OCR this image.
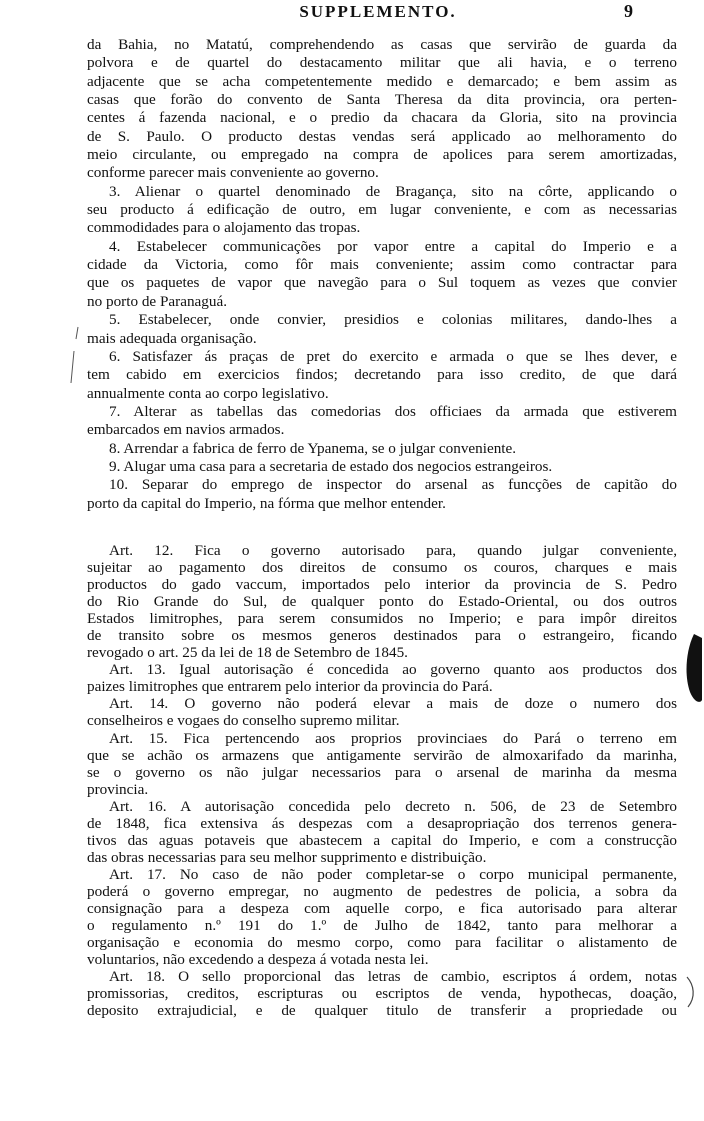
SUPPLEMENTO.	9
da Bahia, no Matatú, comprehendendo as casas que servirão de guarda da
polvora e de quartel do destacamento militar que ali havia, e o terreno
adjacente que se acha competentemente medido e demarcado; e bem assim as
casas que forão do convento de Santa Theresa da dita provincia, ora perten-
centes á fazenda nacional, e o predio da chacara da Gloria, sito na provincia
de S. Paulo. O producto destas vendas será applicado ao melhoramento do
meio circulante, ou empregado na compra de apolices para serem amortizadas,
conforme parecer mais conveniente ao governo.
3. Alienar o quartel denominado de Bragança, sito na côrte, applicando o
seu producto á edificação de outro, em lugar conveniente, e com as necessarias
commodidades para o alojamento das tropas.
4. Estabelecer communicações por vapor entre a capital do Imperio e a
cidade da Victoria, como fôr mais conveniente; assim como contractar para
que os paquetes de vapor que navegão para o Sul toquem as vezes que convier
no porto de Paranaguá.
5. Estabelecer, onde convier, presidios e colonias militares, dando-lhes a
mais adequada organisação.
6. Satisfazer ás praças de pret do exercito e armada o que se lhes dever, e
tem cabido em exercicios findos; decretando para isso credito, de que dará
annualmente conta ao corpo legislativo.
7. Alterar as tabellas das comedorias dos officiaes da armada que estiverem
embarcados em navios armados.
8. Arrendar a fabrica de ferro de Ypanema, se o julgar conveniente.
9. Alugar uma casa para a secretaria de estado dos negocios estrangeiros.
10. Separar do emprego de inspector do arsenal as funcções de capitão do
porto da capital do Imperio, na fórma que melhor entender.
Art. 12. Fica o governo autorisado para, quando julgar conveniente,
sujeitar ao pagamento dos direitos de consumo os couros, charques e mais
productos do gado vaccum, importados pelo interior da provincia de S. Pedro
do Rio Grande do Sul, de qualquer ponto do Estado-Oriental, ou dos outros
Estados limitrophes, para serem consumidos no Imperio; e para impôr direitos
de transito sobre os mesmos generos destinados para o estrangeiro, ficando
revogado o art. 25 da lei de 18 de Setembro de 1845.
Art. 13. Igual autorisação é concedida ao governo quanto aos productos dos
paizes limitrophes que entrarem pelo interior da provincia do Pará.
Art. 14. O governo não poderá elevar a mais de doze o numero dos
conselheiros e vogaes do conselho supremo militar.
Art. 15. Fica pertencendo aos proprios provinciaes do Pará o terreno em
que se achão os armazens que antigamente servirão de almoxarifado da marinha,
se o governo os não julgar necessarios para o arsenal de marinha da mesma
provincia.
Art. 16. A autorisação concedida pelo decreto n. 506, de 23 de Setembro
de 1848, fica extensiva ás despezas com a desapropriação dos terrenos genera-
tivos das aguas potaveis que abastecem a capital do Imperio, e com a construcção
das obras necessarias para seu melhor supprimento e distribuição.
Art. 17. No caso de não poder completar-se o corpo municipal permanente,
poderá o governo empregar, no augmento de pedestres de policia, a sobra da
consignação para a despeza com aquelle corpo, e fica autorisado para alterar
o regulamento n.º 191 do 1.º de Julho de 1842, tanto para melhorar a
organisação e economia do mesmo corpo, como para facilitar o alistamento de
voluntarios, não excedendo a despeza á votada nesta lei.
Art. 18. O sello proporcional das letras de cambio, escriptos á ordem, notas
promissorias, creditos, escripturas ou escriptos de venda, hypothecas, doação,
deposito extrajudicial, e de qualquer titulo de transferir a propriedade ou
